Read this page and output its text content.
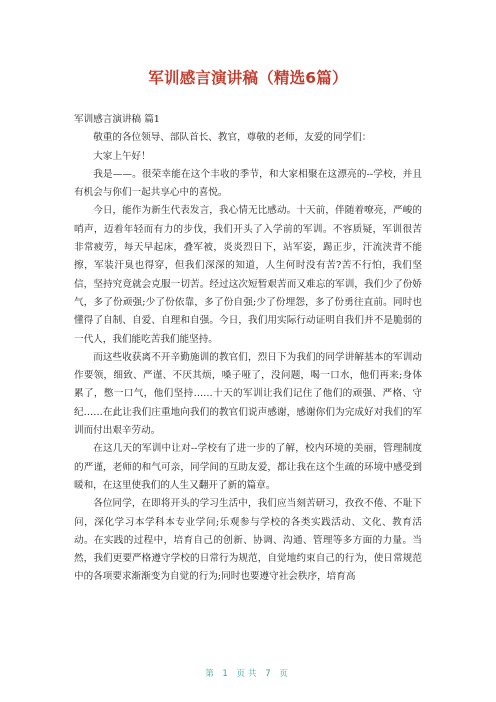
军训感言演讲稿（精选6篇）

军训感言演讲稿 篇1

敬重的各位领导、部队首长、教官，尊敬的老师，友爱的同学们：

大家上午好！

我是——。很荣幸能在这个丰收的季节，和大家相聚在这漂亮的--学校，并且有机会与你们一起共享心中的喜悦。

今日，能作为新生代表发言，我心情无比感动。十天前，伴随着嘹亮，严峻的哨声，迈着年轻而有力的步伐，我们开头了入学前的军训。不容质疑，军训很苦 非常疲劳，每天早起床，叠军被，炎炎烈日下，站军姿，踢正步，汗流浃背不能擦，军装汗臭也得穿，但我们深深的知道，人生何时没有苦?苦不行怕，我们坚信，坚持究竟就会克服一切苦。经过这次短暂艰苦而又难忘的军训，我们少了份娇气，多了份顽强;少了份依靠，多了份自强;少了份埋怨，多了份勇往直前。同时也懂得了自制、自爱、自理和自强。今日，我们用实际行动证明自我们并不是脆弱的一代人，我们能吃苦我们能坚持。

而这些收获离不开辛勤施训的教官们，烈日下为我们的同学讲解基本的军训动作要领，细致、严谨、不厌其烦，嗓子哑了，没问题，喝一口水，他们再来;身体累了，憋一口气，他们坚持……十天的军训让我们记住了他们的顽强、严格、守纪……在此让我们庄重地向我们的教官们说声感谢，感谢你们为完成好对我们的军训而付出艰辛劳动。

在这几天的军训中让对--学校有了进一步的了解，校内环境的美丽，管理制度的严谨，老师的和气可亲，同学间的互助友爱，都让我在这个生疏的环境中感受到暖和，在这里使我们的人生又翻开了新的篇章。

各位同学，在即将开头的学习生活中，我们应当刻苦研习，孜孜不倦、不耻下问，深化学习本学科本专业学问;乐观参与学校的各类实践活动、文化、教育活动。在实践的过程中，培育自己的创新、协调、沟通、管理等多方面的力量。当然，我们更要严格遵守学校的日常行为规范，自觉地约束自己的行为，使日常规范中的各项要求渐渐变为自觉的行为;同时也要遵守社会秩序，培育高

第 1 页共 7 页
